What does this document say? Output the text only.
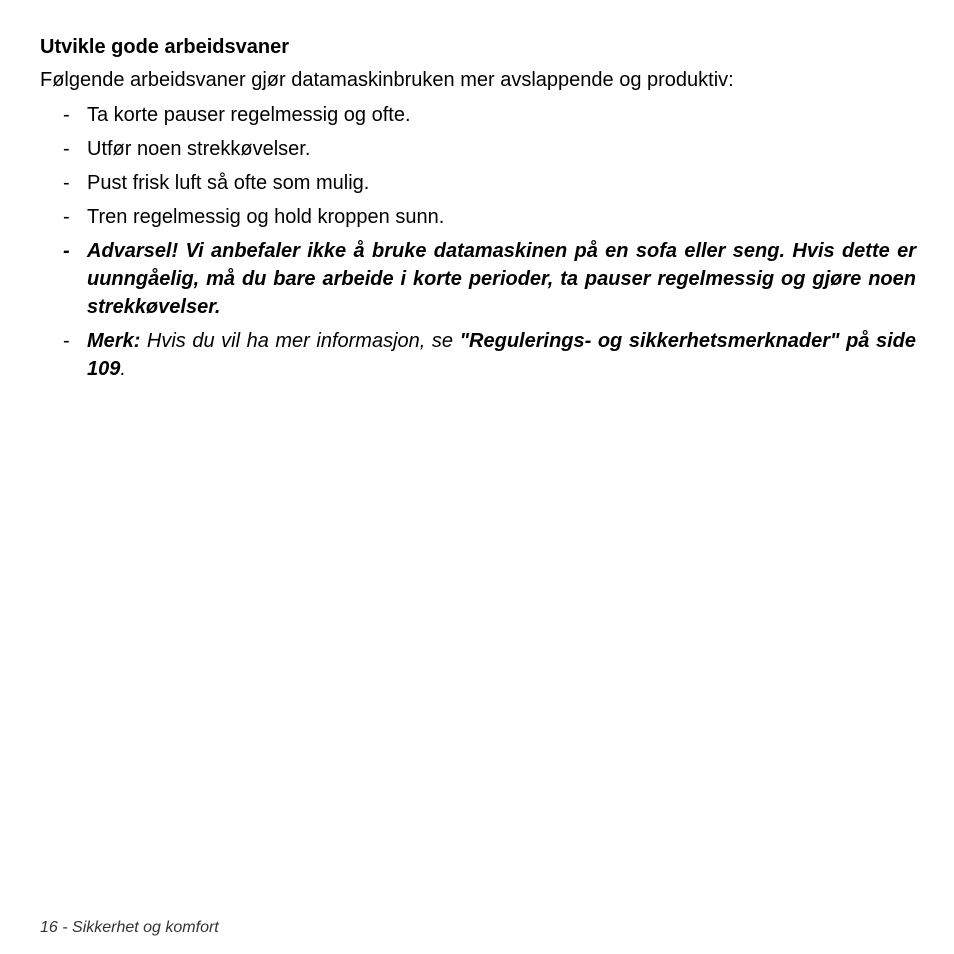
Utvikle gode arbeidsvaner

Følgende arbeidsvaner gjør datamaskinbruken mer avslappende og produktiv:

- Ta korte pauser regelmessig og ofte.
- Utfør noen strekkøvelser.
- Pust frisk luft så ofte som mulig.
- Tren regelmessig og hold kroppen sunn.
- Advarsel! Vi anbefaler ikke å bruke datamaskinen på en sofa eller seng. Hvis dette er uunngåelig, må du bare arbeide i korte perioder, ta pauser regelmessig og gjøre noen strekkøvelser.
- Merk: Hvis du vil ha mer informasjon, se "Regulerings- og sikkerhetsmerknader" på side 109.
16 - Sikkerhet og komfort
